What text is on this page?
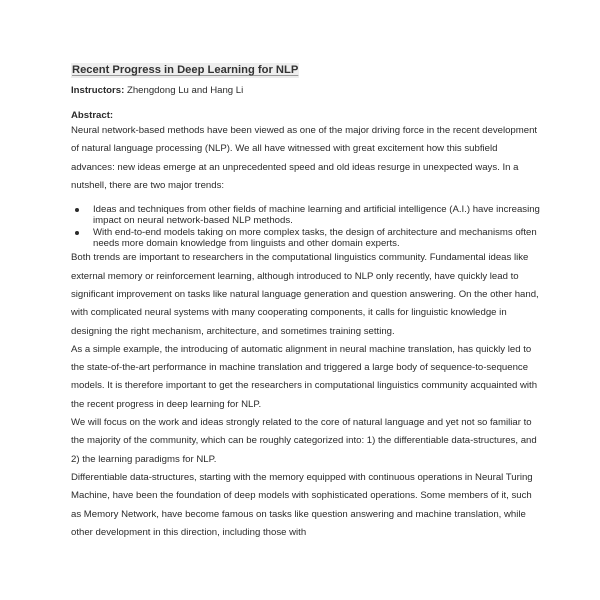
Recent Progress in Deep Learning for NLP
Instructors: Zhengdong Lu and Hang Li
Abstract:

Neural network-based methods have been viewed as one of the major driving force in the recent development of natural language processing (NLP). We all have witnessed with great excitement how this subfield advances: new ideas emerge at an unprecedented speed and old ideas resurge in unexpected ways. In a nutshell, there are two major trends:

Ideas and techniques from other fields of machine learning and artificial intelligence (A.I.) have increasing impact on neural network-based NLP methods.
With end-to-end models taking on more complex tasks, the design of architecture and mechanisms often needs more domain knowledge from linguists and other domain experts.

Both trends are important to researchers in the computational linguistics community. Fundamental ideas like external memory or reinforcement learning, although introduced to NLP only recently, have quickly lead to significant improvement on tasks like natural language generation and question answering. On the other hand, with complicated neural systems with many cooperating components, it calls for linguistic knowledge in designing the right mechanism, architecture, and sometimes training setting.

As a simple example, the introducing of automatic alignment in neural machine translation, has quickly led to the state-of-the-art performance in machine translation and triggered a large body of sequence-to-sequence models. It is therefore important to get the researchers in computational linguistics community acquainted with the recent progress in deep learning for NLP.

We will focus on the work and ideas strongly related to the core of natural language and yet not so familiar to the majority of the community, which can be roughly categorized into: 1) the differentiable data-structures, and 2) the learning paradigms for NLP.

Differentiable data-structures, starting with the memory equipped with continuous operations in Neural Turing Machine, have been the foundation of deep models with sophisticated operations. Some members of it, such as Memory Network, have become famous on tasks like question answering and machine translation, while other development in this direction, including those with
